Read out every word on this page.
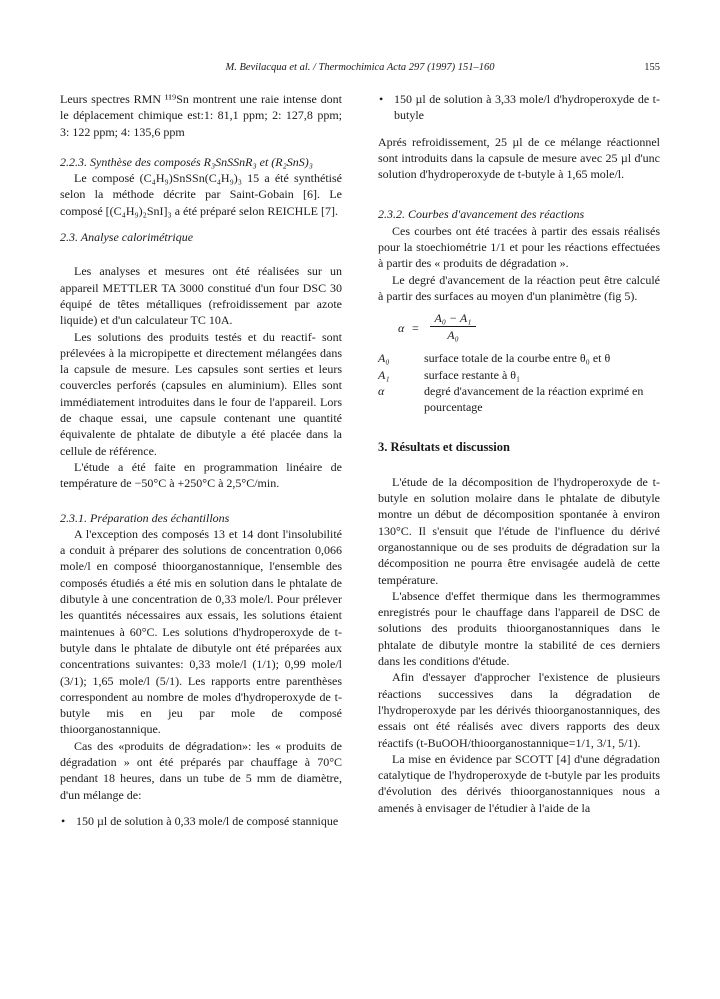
M. Bevilacqua et al. / Thermochimica Acta 297 (1997) 151–160	155

Leurs spectres RMN ¹¹⁹Sn montrent une raie intense dont le déplacement chimique est:1: 81,1 ppm; 2: 127,8 ppm; 3: 122 ppm; 4: 135,6 ppm

2.2.3. Synthèse des composés R₃SnSSnR₃ et (R₂SnS)₃

Le composé (C₄H₉)SnSSn(C₄H₉)₃ 15 a été synthétisé selon la méthode décrite par Saint-Gobain [6]. Le composé [(C₄H₉)₂SnI]₃ a été préparé selon REICHLE [7].

2.3. Analyse calorimétrique

Les analyses et mesures ont été réalisées sur un appareil METTLER TA 3000 constitué d'un four DSC 30 équipé de têtes métalliques (refroidissement par azote liquide) et d'un calculateur TC 10A.

Les solutions des produits testés et du reactif- sont prélevées à la micropipette et directement mélangées dans la capsule de mesure. Les capsules sont serties et leurs couvercles perforés (capsules en aluminium). Elles sont immédiatement introduites dans le four de l'appareil. Lors de chaque essai, une capsule contenant une quantité équivalente de phtalate de dibutyle a été placée dans la cellule de référence.

L'étude a été faite en programmation linéaire de température de −50°C à +250°C à 2,5°C/min.

2.3.1. Préparation des échantillons

A l'exception des composés 13 et 14 dont l'insolubilité a conduit à préparer des solutions de concentration 0,066 mole/l en composé thioorganostannique, l'ensemble des composés étudiés a été mis en solution dans le phtalate de dibutyle à une concentration de 0,33 mole/l. Pour prélever les quantités nécessaires aux essais, les solutions étaient maintenues à 60°C. Les solutions d'hydroperoxyde de t-butyle dans le phtalate de dibutyle ont été préparées aux concentrations suivantes: 0,33 mole/l (1/1); 0,99 mole/l (3/1); 1,65 mole/l (5/1). Les rapports entre parenthèses correspondent au nombre de moles d'hydroperoxyde de t-butyle mis en jeu par mole de composé thioorganostannique.

Cas des «produits de dégradation»: les « produits de dégradation » ont été préparés par chauffage à 70°C pendant 18 heures, dans un tube de 5 mm de diamètre, d'un mélange de:

• 150 µl de solution à 0,33 mole/l de composé stannique
• 150 µl de solution à 3,33 mole/l d'hydroperoxyde de t-butyle

Aprés refroidissement, 25 µl de ce mélange réactionnel sont introduits dans la capsule de mesure avec 25 µl d'unc solution d'hydroperoxyde de t-butyle à 1,65 mole/l.

2.3.2. Courbes d'avancement des réactions

Ces courbes ont été tracées à partir des essais réalisés pour la stoechiométrie 1/1 et pour les réactions effectuées à partir des « produits de dégradation ».

Le degré d'avancement de la réaction peut être calculé à partir des surfaces au moyen d'un planimètre (fig 5).

α =
A₀ − A₁
A₀
A₀	surface totale de la courbe entre θ₀ et θ
A₁	surface restante à θ₁
α	degré d'avancement de la réaction exprimé en pourcentage

3. Résultats et discussion

L'étude de la décomposition de l'hydroperoxyde de t-butyle en solution molaire dans le phtalate de dibutyle montre un début de décomposition spontanée à environ 130°C. Il s'ensuit que l'étude de l'influence du dérivé organostannique ou de ses produits de dégradation sur la décomposition ne pourra être envisagée audelà de cette température.

L'absence d'effet thermique dans les thermogrammes enregistrés pour le chauffage dans l'appareil de DSC de solutions des produits thioorganostanniques dans le phtalate de dibutyle montre la stabilité de ces derniers dans les conditions d'étude.

Afin d'essayer d'approcher l'existence de plusieurs réactions successives dans la dégradation de l'hydroperoxyde par les dérivés thioorganostanniques, des essais ont été réalisés avec divers rapports des deux réactifs (t-BuOOH/thioorganostannique=1/1, 3/1, 5/1).

La mise en évidence par SCOTT [4] d'une dégradation catalytique de l'hydroperoxyde de t-butyle par les produits d'évolution des dérivés thioorganostanniques nous a amenés à envisager de l'étudier à l'aide de la
